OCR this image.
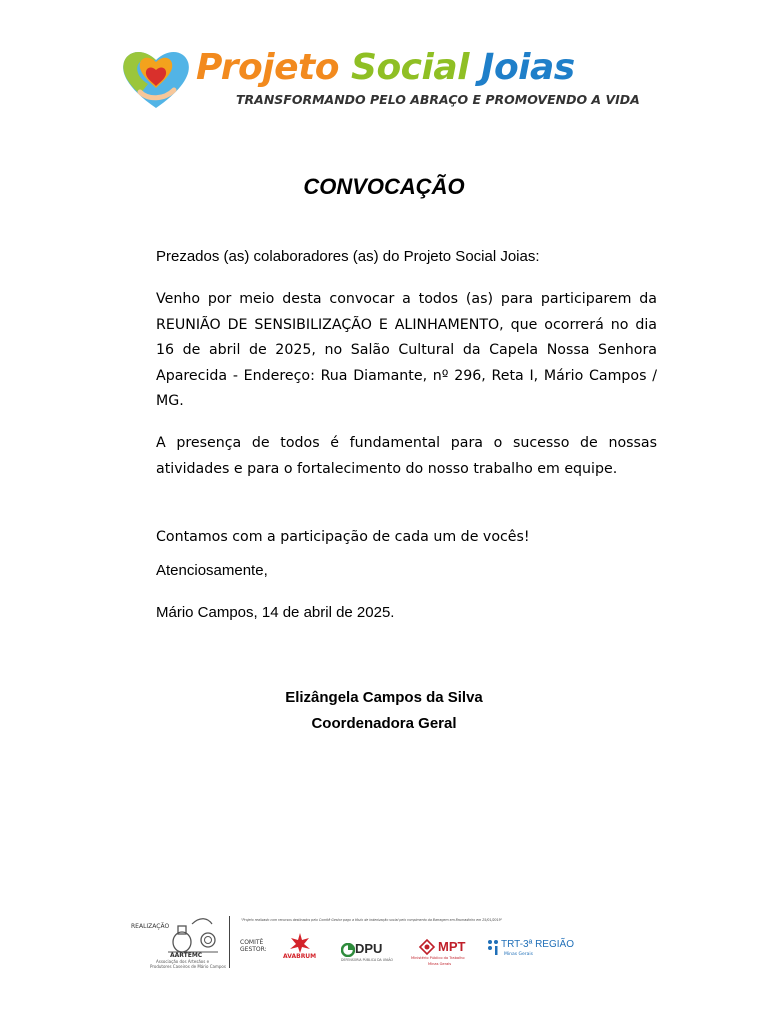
Projeto Social Joias
TRANSFORMANDO PELO ABRAÇO E PROMOVENDO A VIDA
CONVOCAÇÃO
Prezados (as) colaboradores (as) do Projeto Social Joias:
Venho por meio desta convocar a todos (as) para participarem da REUNIÃO DE SENSIBILIZAÇÃO E ALINHAMENTO, que ocorrerá no dia 16 de abril de 2025, no Salão Cultural da Capela Nossa Senhora Aparecida - Endereço: Rua Diamante, nº 296, Reta I, Mário Campos / MG.
A presença de todos é fundamental para o sucesso de nossas atividades e para o fortalecimento do nosso trabalho em equipe.
Contamos com a participação de cada um de vocês!
Atenciosamente,
Mário Campos, 14 de abril de 2025.
Elizângela Campos da Silva
Coordenadora Geral
REALIZAÇÃO
AARTEMC
Associação dos Artesãos e
Produtores Caseiros de Mário Campos
COMITÊ
GESTOR:
"Projeto realizado com recursos destinados pelo Comitê Gestor pago a título de indenização social pelo rompimento da Barragem em Brumadinho em 25/01/2019"
AVABRUM
DPU
DEFENSORIA PÚBLICA DA UNIÃO
MPT
Ministério Público do Trabalho
Minas Gerais
TRT-3ª REGIÃO
Minas Gerais
